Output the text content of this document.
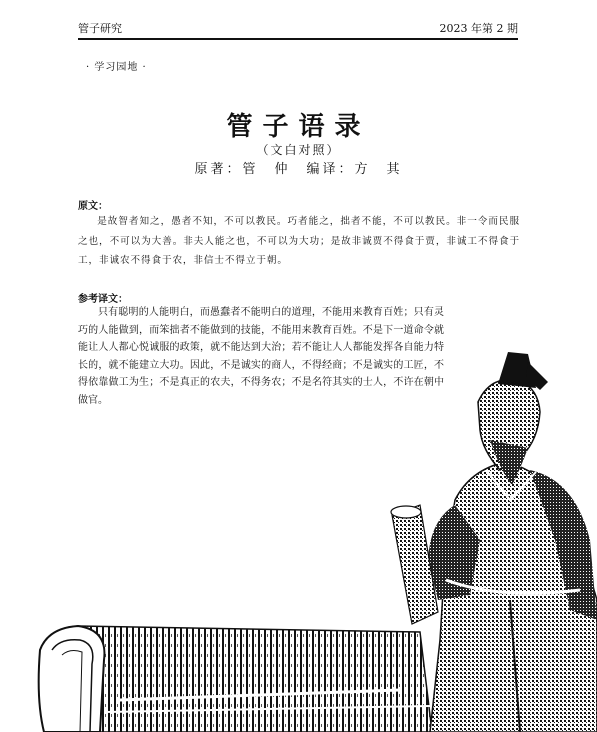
管子研究	2023 年第 2 期
· 学习园地 ·
管子语录
（文白对照）
原著：管　仲　编译：方　其
原文：

是故智者知之，愚者不知，不可以教民。巧者能之，拙者不能，不可以教民。非一令而民服之也，不可以为大善。非夫人能之也，不可以为大功；是故非诚贾不得食于贾，非诚工不得食于工，非诚农不得食于农，非信士不得立于朝。

参考译文：

只有聪明的人能明白，而愚蠢者不能明白的道理，不能用来教育百姓；只有灵巧的人能做到，而笨拙者不能做到的技能，不能用来教育百姓。不是下一道命令就能让人人都心悦诚服的政策，就不能达到大治；若不能让人人都能发挥各自能力特长的，就不能建立大功。因此，不是诚实的商人，不得经商；不是诚实的工匠，不得依靠做工为生；不是真正的农夫，不得务农；不是名符其实的士人，不许在朝中做官。
